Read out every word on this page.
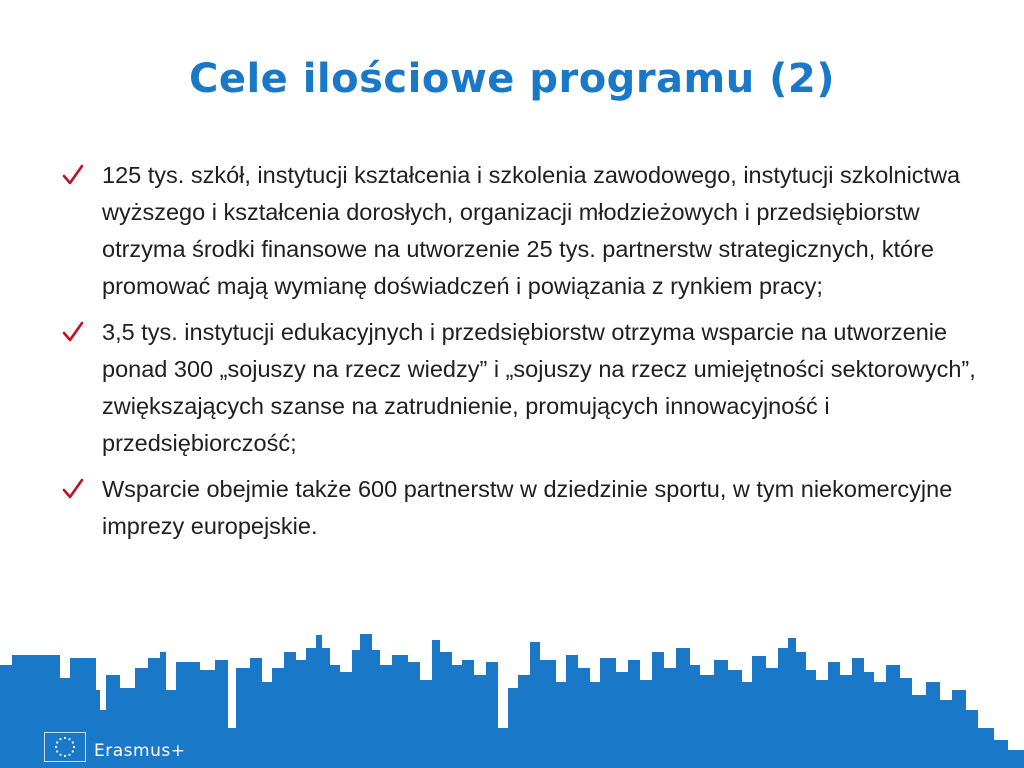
Cele ilościowe programu (2)
125 tys. szkół, instytucji kształcenia i szkolenia zawodowego, instytucji szkolnictwa wyższego i kształcenia dorosłych, organizacji młodzieżowych i przedsiębiorstw otrzyma środki finansowe na utworzenie 25 tys. partnerstw strategicznych, które promować mają wymianę doświadczeń i powiązania z rynkiem pracy;
3,5 tys. instytucji edukacyjnych i przedsiębiorstw otrzyma wsparcie na utworzenie ponad 300 „sojuszy na rzecz wiedzy” i „sojuszy na rzecz umiejętności sektorowych”, zwiększających szanse na zatrudnienie, promujących innowacyjność i przedsiębiorczość;
Wsparcie obejmie także 600 partnerstw w dziedzinie sportu, w tym niekomercyjne imprezy europejskie.
Erasmus+
